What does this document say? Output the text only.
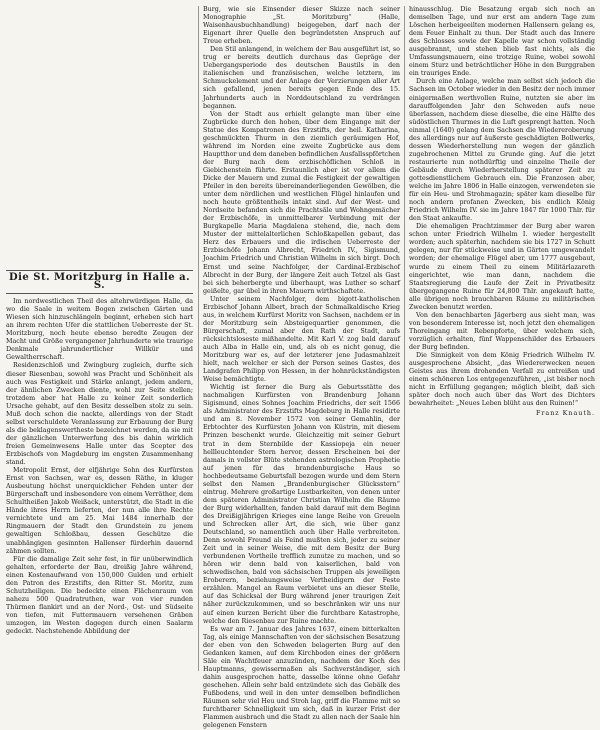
Die St. Moritzburg in Halle a. S.

Im nordwestlichen Theil des altehrwürdigen Halle, da wo die Saale in weitem Bogen zwischen Gärten und Wiesen sich hinzuschlängeln beginnt, erheben sich hart an ihrem rechten Ufer die stattlichen Ueberreste der St. Moritzburg, noch heute ebenso beredte Zeugen der Macht und Größe vergangener Jahrhunderte wie traurige Denkmale jahrundertlicher Willkür und Gewaltherrschaft.

Residenzschloß und Zwingburg zugleich, durfte sich dieser Riesenbau, sowohl was Pracht und Schönheit als auch was Festigkeit und Stärke anlangt, jedem andern, der ähnlichen Zwecken diente, wohl zur Seite stellen; trotzdem aber hat Halle zu keiner Zeit sonderlich Ursache gehabt, auf den Besitz desselben stolz zu sein. Muß doch schon die nackte, allerdings von der Stadt selbst verschuldete Veranlassung zur Erbauung der Burg als die beklagenswertheste bezeichnet werden, da sie mit der gänzlichen Unterwerfung des bis dahin wirklich freien Gemeinwesens Halle unter das Scepter des Erzbischofs von Magdeburg im engsten Zusammenhang stand.

Metropolit Ernst, der elfjährige Sohn des Kurfürsten Ernst von Sachsen, war es, dessen Räthe, in kluger Ausbeutung höchst unerquicklicher Fehden unter der Bürgerschaft und insbesondere von einem Verräther, dem Schultheißen Jakob Weißack, unterstützt, die Stadt in die Hände ihres Herrn lieferten, der nun alle ihre Rechte vernichtete und am 25. Mai 1484 innerhalb der Ringmauern der Stadt den Grundstein zu jenem gewaltigen Schloßbau, dessen Geschütze die unabhängigen gesinnten Hallenser fürderhin dauernd zähmen sollten.

Für die damalige Zeit sehr fest, in für unüberwindlich gehalten, erforderte der Bau, dreißig Jahre während, einen Kostenaufwand von 150,000 Gulden und erhielt den Patron des Erzstifts, den Ritter St. Moritz, zum Schutzheiligen. Die bedeckte einen Flächenraum von nahezu 500 Quadratruthen, war von vier runden Thürmen flankirt und an der Nord-, Ost- und Südseite von tiefen, mit Futtermauern versehenen Gräben umzogen, im Westen dagegen durch einen Saalarm gedeckt. Nachstehende Abbildung der

Burg, wie sie Einsender dieser Skizze nach seiner Monographie „St. Moritzburg“ (Halle, Waisenhausbuchhandlung) beigegeben, darf nach der Eigenart ihrer Quelle den begründetsten Anspruch auf Treue erheben.

Den Stil anlangend, in welchem der Bau ausgeführt ist, so trug er bereits deutlich durchaus das Gepräge der Uebergangsperiode des deutschen Baustils in den italienischen und französischen, welche letztern, im Schmuckelement und der Anlage der Verzierungen aller Art sich gefallend, jenen bereits gegen Ende des 15. Jahrhunderts auch in Norddeutschland zu verdrängen begannen.

Von der Stadt aus erhielt gelangte man über eine Zugbrücke durch den hohen, über dem Eingange mit der Statue des Kompatronen des Erzstifts, der heil. Katharina, geschmückten Thurm in den ziemlich geräumigen Hof, während im Norden eine zweite Zugbrücke aus dem Hauptthor und dem daneben befindlichen Ausfallsspförtchen der Burg nach dem erzbischöflichen Schloß in Giebichenstein führte. Erstaunlich aber ist vor allem die Dicke der Mauern und zumal die Festigkeit der gewaltigen Pfeiler in den bereits übereinanderliegenden Gewölben, die unter dem nördlichen und westlichen Flügel hinlaufen und noch heute größtentheils intakt sind. Auf der West- und Nordseite befanden sich die Prachtsäle und Wohngemächer der Erzbischöfe, in unmittelbarer Verbindung mit der Burgkapelle Maria Magdalena stehend, die, nach dem Muster der mittelalterlichen Schloßkapellen gebaut, das Herz des Erbauers und die irdischen Ueberreste der Erzbischöfe Johann Albrecht, Friedrich IV., Sigismund, Joachim Friedrich und Christian Wilhelm in sich birgt. Doch Ernst und seine Nachfolger, der Cardinal-Erzbischof Albrecht in der Burg, der längere Zeit auch Tetzel als Gast bei sich beherbergte und überhaupt, was Luther so scharf geißelte, gar übel in ihren Mauern wirthschaftete.

Unter seinem Nachfolger, dem bigott-katholischen Erzbischof Johann Albert, brach der Schmalkaldische Krieg aus, in welchem Kurfürst Moritz von Sachsen, nachdem er in der Moritzburg sein Absteigequartier genommen, die Bürgerschaft, zumal aber den Rath der Stadt, aufs rücksichtsloseste mißhandelte. Mit Karl V. zog bald darauf auch Alba in Halle ein, und, als ob es nicht genug, die Moritzburg war es, auf der letzterer jene Judasmahlzeit hielt, nach welcher er sich der Person seines Gastes, des Landgrafen Philipp von Hessen, in der hohnrückständigsten Weise bemächtigte.

Wichtig ist ferner die Burg als Geburtsstätte des nachmaligen Kurfürsten von Brandenburg Johann Sigismund, eines Sohnes Joachim Friedrichs, der seit 1566 als Administrator des Erzstifts Magdeburg in Halle residirte und am 8. November 1572 von seiner Gemahlin, der Erbtochter des Kurfürsten Johann von Küstrin, mit diesem Prinzen beschenkt wurde. Gleichzeitig mit seiner Geburt trat in dem Sternbilde der Kassiopeja ein neuer hellleuchtender Stern hervor, dessen Erscheinen bei der damals in vollster Blüte stehenden astrologischen Prophetie auf jenen für das brandenburgische Haus so hochbedeutsame Geburtsfall bezogen wurde und dem Stern selbst den Namen „Brandenburgischer Glücksstern“ eintrug. Mehrere großartige Lustbarkeiten, von denen unter dem späteren Administrator Christian Wilhelm die Räume der Burg widerhallten, fanden bald darauf mit dem Beginn des Dreißigjährigen Krieges eine lange Reihe von Greueln und Schrecken aller Art, die sich, wie über ganz Deutschland, so namentlich auch über Halle verbreiteten. Denn sowohl Freund als Feind mußten sich, jeder zu seiner Zeit und in seiner Weise, die mit dem Besitz der Burg verbundenen Vortheile trefflich zunutze zu machen, und so hören wir denn bald von kaiserlichen, bald von schwedischen, bald von sächsischen Truppen als jeweiligen Eroberern, beziehungsweise Vertheidigern der Feste erzählen. Mangel an Raum verbietet uns an dieser Stelle, auf das Schicksal der Burg während jener traurigen Zeit näher zurückzukommen, und so beschränken wir uns nur auf einen kurzen Bericht über die furchtbare Katastrophe, welche den Riesenbau zur Ruine machte.

Es war am 7. Januar des Jahres 1637, einem bitterkalten Tag, als einige Mannschaften von der sächsischen Besatzung der eben von den Schweden belagerten Burg auf den Gedanken kamen, auf dem Kirchboden eines der größern Säle ein Wachtfeuer anzuzünden, nachdem der Koch des Hauptmanns, gewissermaßen als Sachverständiger, sich dahin ausgesprochen hatte, dasselbe könne ohne Gefahr geschehen. Allein sehr bald entzündete sich das Gebälk des Fußbodens, und weil in den unter demselben befindlichen Räumen sehr viel Heu und Stroh lag, griff die Flamme mit so furchtbarer Schnelligkeit um sich, daß in kurzer Frist der Flammen ausbrach und die Stadt zu allen nach der Saale hin gelegenen Fenstern

hinausschlug. Die Besatzung ergab sich noch an demselben Tage, und nur erst am andern Tage zum Löschen herbeigeeilten modernen Hallensern gelang es, dem Feuer Einhalt zu thun. Der Stadt auch das Innere des Schlosses sowie der Kapelle war schon vollständig ausgebrannt, und stehen blieb fast nichts, als die Umfassungsmauern, eine trotzige Ruine, wobei sowohl einem Sturz und beträchtlicher Höhe in den Burggraben ein trauriges Ende.

Durch eine Anlage, welche man selbst sich jedoch die Sachsen im October wieder in den Besitz der noch immer einigermaßen werthvollen Ruine, nutzten sie aber im darauffolgenden Jahr den Schweden aufs neue überlassen, nachdem diese dieselbe, die eine Hälfte des südöstlichen Thurmes in die Luft gesprengt hatten. Noch einmal (1640) gelang dem Sachsen die Wiedereroberung des allerdings nur auf äußerste geschädigten Bollwerks, dessen Wiederherstellung nun wegen der gänzlich zugebrochenen Mittel zu Grunde ging. Auf die jetzt restaurierte nun nothdürftig und einzelne Theile der Gebäude durch Wiederherstellung späterer Zeit zu gottesdienstlichem Gebrauch ein. Die Franzosen aber, welche im Jahre 1806 in Halle einzogen, verwendeten sie für ein Heu- und Strohmagazin; später kam dieselbe für noch andern profanen Zwecken, bis endlich König Friedrich Wilhelm IV. sie im Jahre 1847 für 1000 Thlr. für den Staat ankaufte.

Die ehemaligen Prachtzimmer der Burg aber waren schon unter Friedrich Wilhelm I. wieder hergestellt worden; auch späterhin, nachdem sie bis 1727 in Schutt gelegen, nur für stückweise und in Gärten umgewandelt worden; der ehemalige Flügel aber, um 1777 ausgebaut, wurde zu einem Theil zu einem Militärlazareth eingerichtet, wie man dann, nachdem die Staatsregierung die Laufe der Zeit in Privatbesitz übergegangene Ruine für 24,800 Thlr. angekauft hatte, alle übrigen noch brauchbaren Räume zu militärischen Zwecken benutzt werden.

Von den benachbarten Jägerberg aus sieht man, was von besonderem Interesse ist, noch jetzt den ehemaligen Thoreingang mit Rebenpforte, über welchem sich, vorzüglich erhalten, fünf Wappenschilder des Erbauers der Burg befinden.

Die Sinnigkeit von dem König Friedrich Wilhelm IV. ausgesprochene Absicht, „das Wiedererwecken neuen Geistes aus ihrem drohenden Verfall zu entreißen und einem schöneren Los entgegenzuführen, „ist bisher noch nicht in Erfüllung gegangen; möglich bleibt, daß sich später doch noch auch über das Wort des Dichters bewahrheitet: „Neues Leben blüht aus den Ruinen!“

Franz Knauth.
